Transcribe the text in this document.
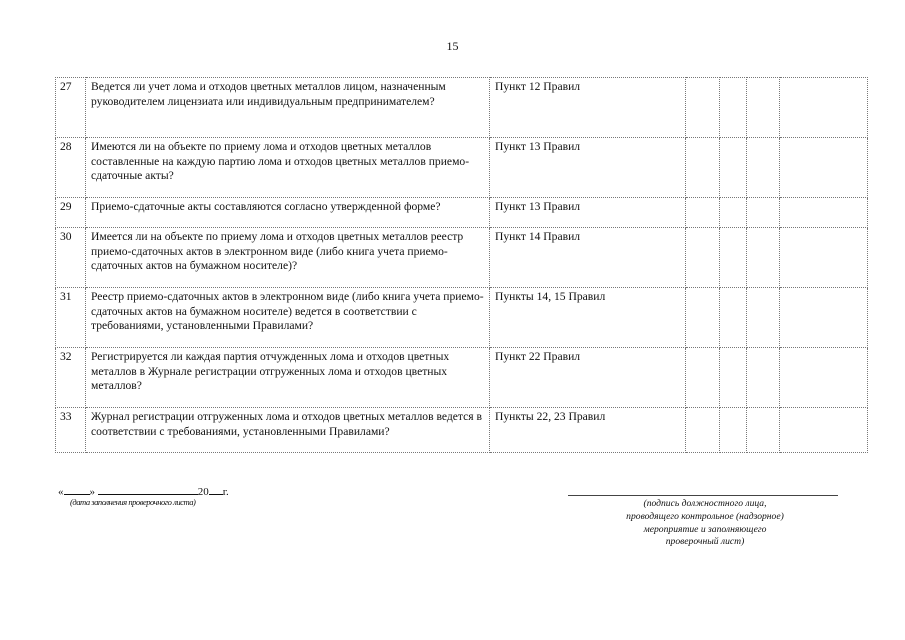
15
27	Ведется ли учет лома и отходов цветных металлов лицом, назначенным руководителем лицензиата или индивидуальным предпринимателем?	Пункт 12 Правил				
28	Имеются ли на объекте по приему лома и отходов цветных металлов составленные на каждую партию лома и отходов цветных металлов приемо-сдаточные акты?	Пункт 13 Правил				
29	Приемо-сдаточные акты составляются согласно утвержденной форме?	Пункт 13 Правил				
30	Имеется ли на объекте по приему лома и отходов цветных металлов реестр приемо-сдаточных актов в электронном виде (либо книга учета приемо-сдаточных актов на бумажном носителе)?	Пункт 14 Правил				
31	Реестр приемо-сдаточных актов в электронном виде (либо книга учета приемо-сдаточных актов на бумажном носителе) ведется в соответствии с требованиями, установленными Правилами?	Пункты 14, 15 Правил				
32	Регистрируется ли каждая партия отчужденных лома и отходов цветных металлов в Журнале регистрации отгруженных лома и отходов цветных металлов?	Пункт 22 Правил				
33	Журнал регистрации отгруженных лома и отходов цветных металлов ведется в соответствии с требованиями, установленными Правилами?	Пункты 22, 23 Правил				
« »	20 г.
(дата заполнения проверочного листа)	(подпись должностного лица,
проводящего контрольное (надзорное)
мероприятие и заполняющего
проверочный лист)
